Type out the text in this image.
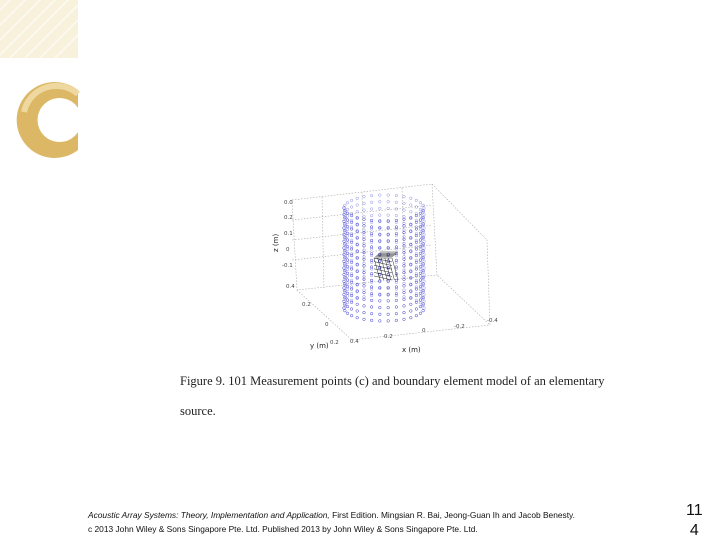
0.0
0.2
0.1
0
-0.1
0.4
0.2
0
0.2 0.4
0.2
0
-0.2
-0.4
z (m)
y (m)	x (m)
Figure 9. 101 Measurement points (c) and boundary element model of an elementary
source.
Acoustic Array Systems: Theory, Implementation and Application, First Edition. Mingsian R. Bai, Jeong-Guan Ih and Jacob Benesty.
c 2013 John Wiley & Sons Singapore Pte. Ltd. Published 2013 by John Wiley & Sons Singapore Pte. Ltd.
11
4
